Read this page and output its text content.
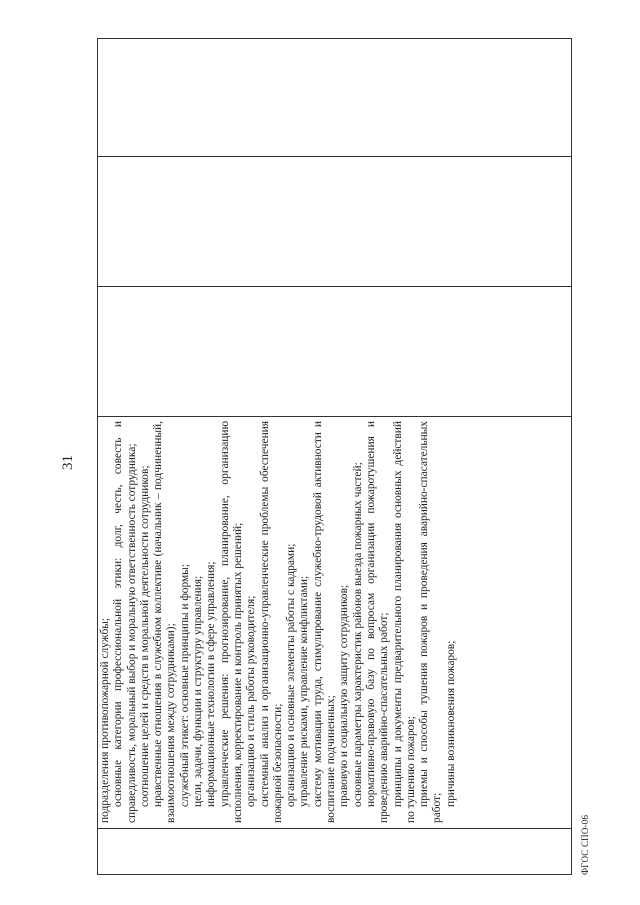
31
подразделения противопожарной службы; основные категории профессиональной этики: долг, честь, совесть и справедливость, моральный выбор и моральную ответственность сотрудника; соотношение целей и средств в моральной деятельности сотрудников; нравственные отношения в служебном коллективе (начальник – подчиненный, взаимоотношения между сотрудниками); служебный этикет: основные принципы и формы; цели, задачи, функции и структуру управления; информационные технологии в сфере управления; управленческие решения: прогнозирование, планирование, организацию исполнения, корректирование и контроль принятых решений; организацию и стиль работы руководителя; системный анализ и организационно-управленческие проблемы обеспечения пожарной безопасности; организацию и основные элементы работы с кадрами; управление рисками, управление конфликтами; систему мотивации труда, стимулирование служебно-трудовой активности и воспитание подчиненных; правовую и социальную защиту сотрудников; основные параметры характеристик районов выезда пожарных частей; нормативно-правовую базу по вопросам организации пожаротушения и проведению аварийно-спасательных работ; принципы и документы предварительного планирования основных действий по тушению пожаров; приемы и способы тушения пожаров и проведения аварийно-спасательных работ;
причины возникновения пожаров;
ФГОС СПО-06
